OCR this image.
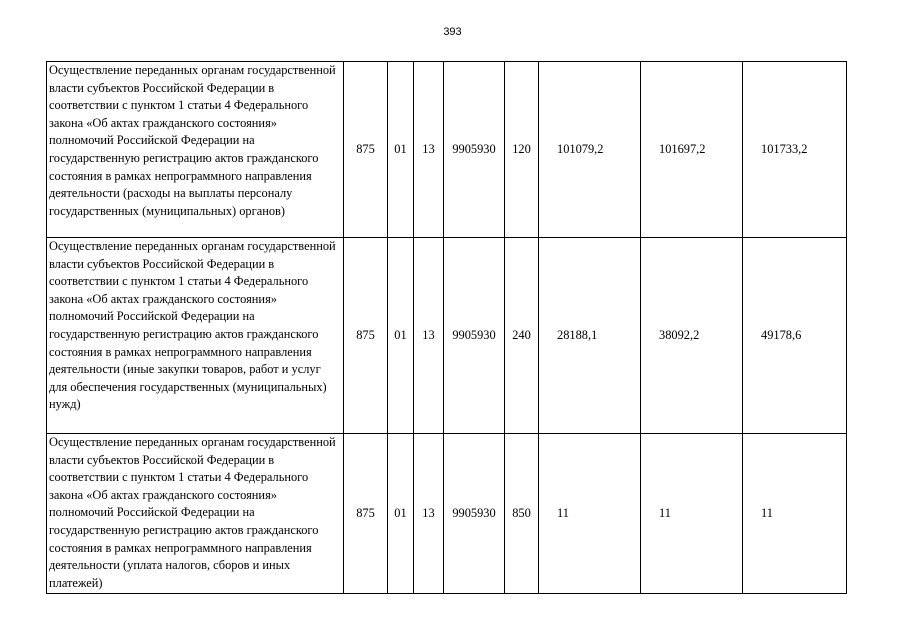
393
Осуществление переданных органам государственной власти субъектов Российской Федерации в соответствии с пунктом 1 статьи 4 Федерального закона «Об актах гражданского состояния» полномочий Российской Федерации на государственную регистрацию актов гражданского состояния в рамках непрограммного направления деятельности (расходы на выплаты персоналу государственных (муниципальных) органов)	875	01	13	9905930	120	101079,2	101697,2	101733,2
Осуществление переданных органам государственной власти субъектов Российской Федерации в соответствии с пунктом 1 статьи 4 Федерального закона «Об актах гражданского состояния» полномочий Российской Федерации на государственную регистрацию актов гражданского состояния в рамках непрограммного направления деятельности (иные закупки товаров, работ и услуг для обеспечения государственных (муниципальных) нужд)	875	01	13	9905930	240	28188,1	38092,2	49178,6
Осуществление переданных органам государственной власти субъектов Российской Федерации в соответствии с пунктом 1 статьи 4 Федерального закона «Об актах гражданского состояния» полномочий Российской Федерации на государственную регистрацию актов гражданского состояния в рамках непрограммного направления деятельности (уплата налогов, сборов и иных платежей)	875	01	13	9905930	850	11	11	11
